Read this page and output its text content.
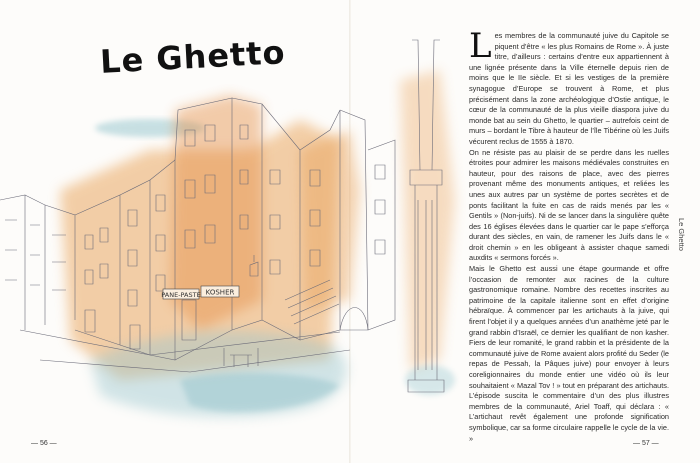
PANE-PASTE KOSHER
Le Ghetto	Les membres de la communauté juive du Capitole se piquent d’être « les plus Romains de Rome ». À juste titre, d’ailleurs : certains d’entre eux appartiennent à une lignée présente dans la Ville éternelle depuis rien de moins que le IIe siècle. Et si les vestiges de la première synagogue d’Europe se trouvent à Rome, et plus précisément dans la zone archéologique d’Ostie antique, le cœur de la communauté de la plus vieille diaspora juive du monde bat au sein du Ghetto, le quartier – autrefois ceint de murs – bordant le Tibre à hauteur de l’île Tibérine où les Juifs vécurent reclus de 1555 à 1870.

On ne résiste pas au plaisir de se perdre dans les ruelles étroites pour admirer les maisons médiévales construites en hauteur, pour des raisons de place, avec des pierres provenant même des monuments antiques, et reliées les unes aux autres par un système de portes secrètes et de ponts facilitant la fuite en cas de raids menés par les « Gentils » (Non-juifs). Ni de se lancer dans la singulière quête des 16 églises élevées dans le quartier car le pape s’efforça durant des siècles, en vain, de ramener les Juifs dans le « droit chemin » en les obligeant à assister chaque samedi auxdits « sermons forcés ».

Mais le Ghetto est aussi une étape gourmande et offre l’occasion de remonter aux racines de la culture gastronomique romaine. Nombre des recettes inscrites au patrimoine de la capitale italienne sont en effet d’origine hébraïque. À commencer par les artichauts à la juive, qui firent l’objet il y a quelques années d’un anathème jeté par le grand rabbin d’Israël, ce dernier les qualifiant de non kasher. Fiers de leur romanité, le grand rabbin et la présidente de la communauté juive de Rome avaient alors profité du Seder (le repas de Pessah, la Pâques juive) pour envoyer à leurs coreligionnaires du monde entier une vidéo où ils leur souhaitaient « Mazal Tov ! » tout en préparant des artichauts. L’épisode suscita le commentaire d’un des plus illustres membres de la communauté, Ariel Toaff, qui déclara : « L’artichaut revêt également une profonde signification symbolique, car sa forme circulaire rappelle le cycle de la vie. »

Le Ghetto
— 56 —	— 57 —
